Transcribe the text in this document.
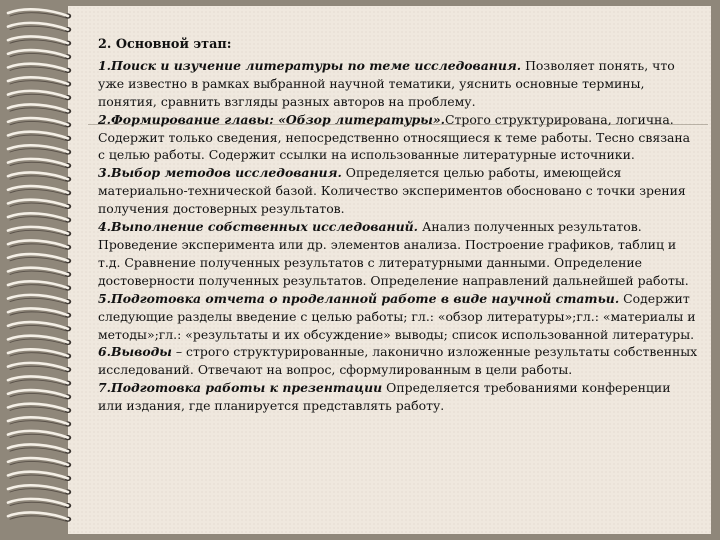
2. Основной этап:

1.Поиск и изучение литературы по теме исследования. Позволяет понять, что уже известно в рамках выбранной научной тематики, уяснить основные термины, понятия, сравнить взгляды разных авторов на проблему.

2.Формирование главы: «Обзор литературы».Строго структурирована, логична. Содержит только сведения, непосредственно относящиеся к теме работы. Тесно связана с целью работы. Содержит ссылки на использованные литературные источники.

3.Выбор методов исследования. Определяется целью работы, имеющейся материально-технической базой. Количество экспериментов обосновано с точки зрения получения достоверных результатов.

4.Выполнение собственных исследований. Анализ полученных результатов. Проведение эксперимента или др. элементов анализа. Построение графиков, таблиц и т.д. Сравнение полученных результатов с литературными данными. Определение достоверности полученных результатов. Определение направлений дальнейшей работы.

5.Подготовка отчета о проделанной работе в виде научной статьи. Содержит следующие разделы введение с целью работы; гл.: «обзор литературы»;гл.: «материалы и методы»;гл.: «результаты и их обсуждение» выводы; список использованной литературы.

6.Выводы – строго структурированные, лаконично изложенные результаты собственных исследований. Отвечают на вопрос, сформулированным в цели работы.

7.Подготовка работы к презентации Определяется требованиями конференции или издания, где планируется представлять работу.
